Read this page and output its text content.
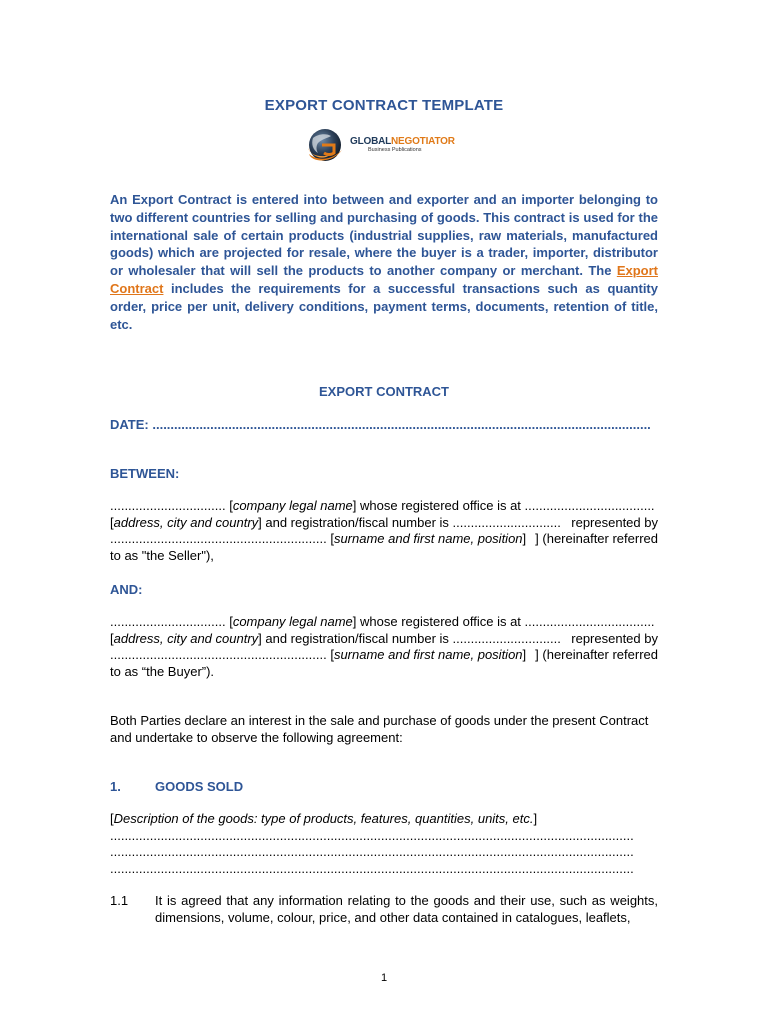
EXPORT CONTRACT TEMPLATE
GLOBALNEGOTIATOR
Business Publications

An Export Contract is entered into between and exporter and an importer belonging to two different countries for selling and purchasing of goods. This contract is used for the international sale of certain products (industrial supplies, raw materials, manufactured goods) which are projected for resale, where the buyer is a trader, importer, distributor or wholesaler that will sell the products to another company or merchant. The Export Contract includes the requirements for a successful transactions such as quantity order, price per unit, delivery conditions, payment terms, documents, retention of title, etc.

EXPORT CONTRACT
DATE: ..........................................................................................................................................
BETWEEN:
................................ [company legal name] whose registered office is at ....................................
[address, city and country] and registration/fiscal number is .............................. represented by
............................................................ [surname and first name, position] ] (hereinafter referred
to as "the Seller"),
AND:
................................ [company legal name] whose registered office is at ....................................
[address, city and country] and registration/fiscal number is .............................. represented by
............................................................ [surname and first name, position] ] (hereinafter referred
to as “the Buyer”).
Both Parties declare an interest in the sale and purchase of goods under the present Contract
and undertake to observe the following agreement:
1.	GOODS SOLD
[Description of the goods: type of products, features, quantities, units, etc.]
.................................................................................................................................................
.................................................................................................................................................
.................................................................................................................................................
1.1 It is agreed that any information relating to the goods and their use, such as weights, dimensions, volume, colour, price, and other data contained in catalogues, leaflets,

1
